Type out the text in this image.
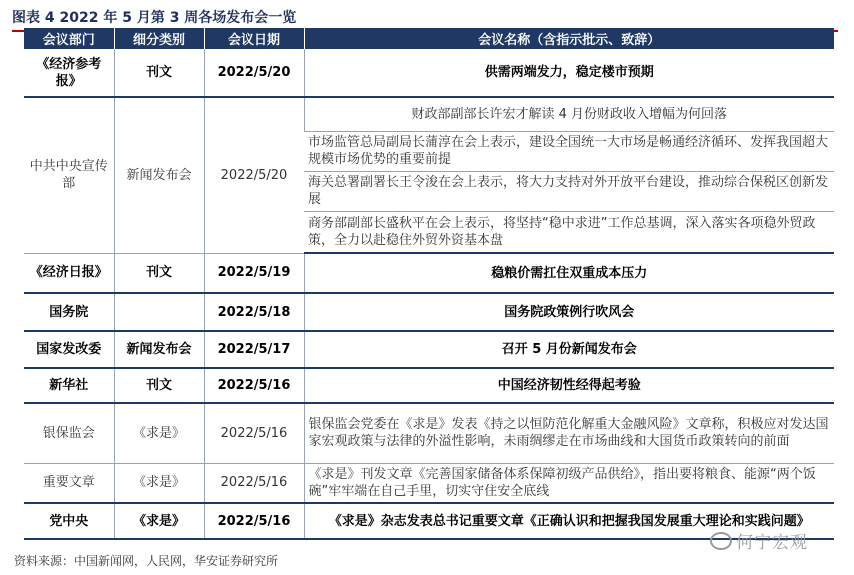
图表 4 2022 年 5 月第 3 周各场发布会一览
会议部门	细分类别	会议日期	会议名称（含指示批示、致辞）
《经济参考报》	刊文	2022/5/20	供需两端发力，稳定楼市预期
中共中央宣传部	新闻发布会	2022/5/20	财政部副部长许宏才解读 4 月份财政收入增幅为何回落
			市场监管总局副局长蒲淳在会上表示，建设全国统一大市场是畅通经济循环、发挥我国超大规模市场优势的重要前提
			海关总署副署长王令浚在会上表示，将大力支持对外开放平台建设，推动综合保税区创新发展
			商务部副部长盛秋平在会上表示，将坚持“稳中求进”工作总基调，深入落实各项稳外贸政策，全力以赴稳住外贸外资基本盘
《经济日报》	刊文	2022/5/19	稳粮价需扛住双重成本压力
国务院		2022/5/18	国务院政策例行吹风会
国家发改委	新闻发布会	2022/5/17	召开 5 月份新闻发布会
新华社	刊文	2022/5/16	中国经济韧性经得起考验
银保监会	《求是》	2022/5/16	银保监会党委在《求是》发表《持之以恒防范化解重大金融风险》文章称，积极应对发达国家宏观政策与法律的外溢性影响，未雨绸缪走在市场曲线和大国货币政策转向的前面
重要文章	《求是》	2022/5/16	《求是》刊发文章《完善国家储备体系保障初级产品供给》，指出要将粮食、能源“两个饭碗”牢牢端在自己手里，切实守住安全底线
党中央	《求是》	2022/5/16	《求是》杂志发表总书记重要文章《正确认识和把握我国发展重大理论和实践问题》
何宁宏观
资料来源：中国新闻网，人民网，华安证券研究所
